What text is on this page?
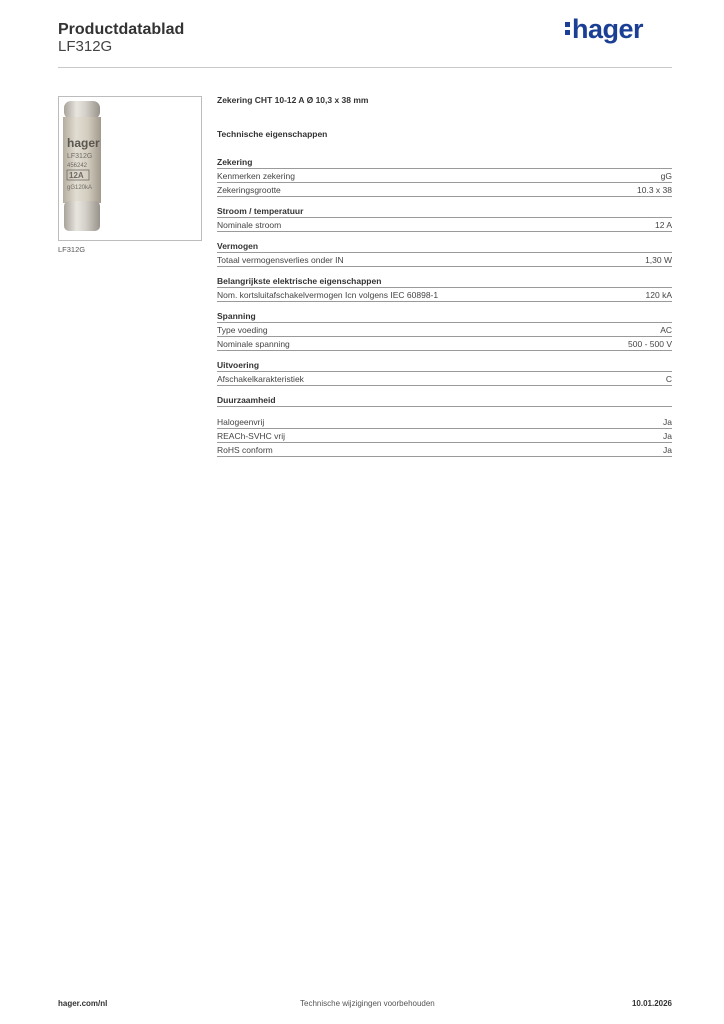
Productdatablad
LF312G
hager
hager
LF312G
456242
12A
gG120kA
LF312G
Zekering CHT 10-12 A Ø 10,3 x 38 mm
Technische eigenschappen
Zekering
Kenmerken zekering	gG
Zekeringsgrootte	10.3 x 38
Stroom / temperatuur
Nominale stroom	12 A
Vermogen
Totaal vermogensverlies onder IN	1,30 W
Belangrijkste elektrische eigenschappen
Nom. kortsluitafschakelvermogen Icn volgens IEC 60898-1	120 kA
Spanning
Type voeding	AC
Nominale spanning	500 - 500 V
Uitvoering
Afschakelkarakteristiek	C
Duurzaamheid
Halogeenvrij	Ja
REACh-SVHC vrij	Ja
RoHS conform	Ja
hager.com/nl	Technische wijzigingen voorbehouden	10.01.2026
